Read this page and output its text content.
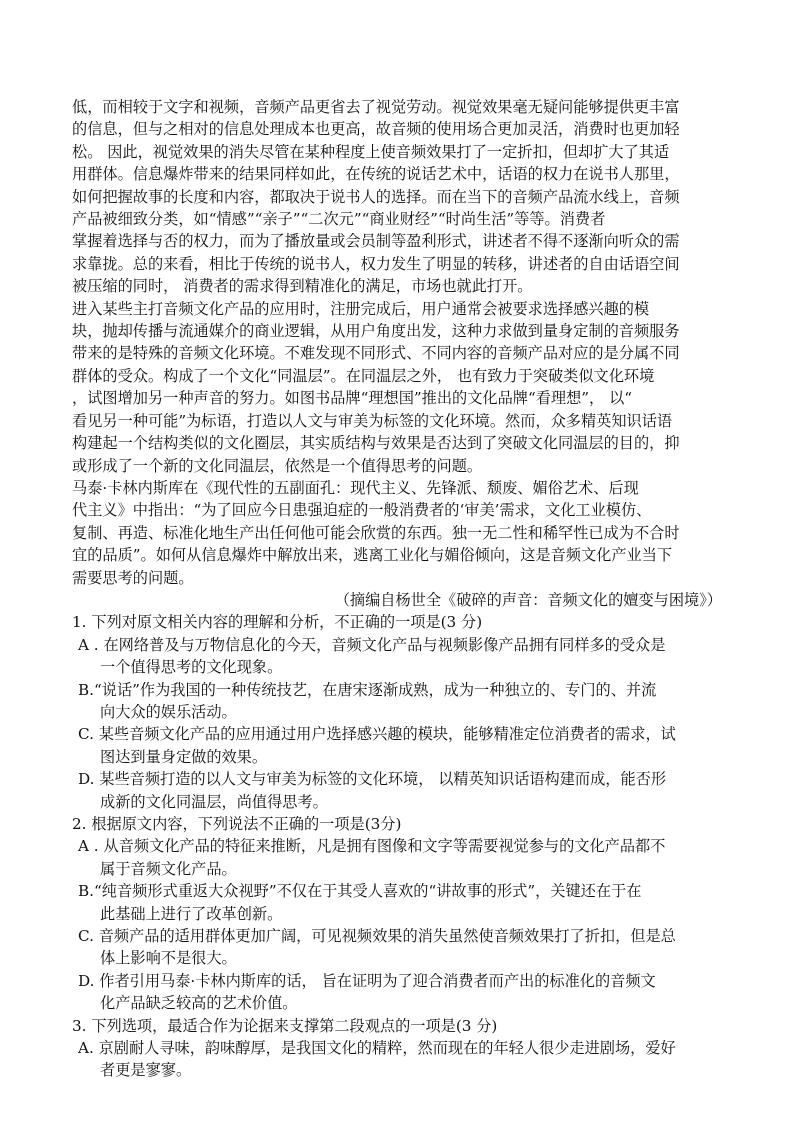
低，而相较于文字和视频，音频产品更省去了视觉劳动。视觉效果毫无疑问能够提供更丰富
的信息，但与之相对的信息处理成本也更高，故音频的使用场合更加灵活，消费时也更加轻
松。 因此，视觉效果的消失尽管在某种程度上使音频效果打了一定折扣，但却扩大了其适
用群体。信息爆炸带来的结果同样如此，在传统的说话艺术中，话语的权力在说书人那里，
如何把握故事的长度和内容，都取决于说书人的选择。而在当下的音频产品流水线上，音频
产品被细致分类，如“情感”“亲子”“二次元”“商业财经”“时尚生活”等等。消费者
掌握着选择与否的权力，而为了播放量或会员制等盈利形式，讲述者不得不逐渐向听众的需
求靠拢。总的来看，相比于传统的说书人，权力发生了明显的转移，讲述者的自由话语空间
被压缩的同时， 消费者的需求得到精准化的满足，市场也就此打开。
进入某些主打音频文化产品的应用时，注册完成后，用户通常会被要求选择感兴趣的模
块，抛却传播与流通媒介的商业逻辑，从用户角度出发，这种力求做到量身定制的音频服务
带来的是特殊的音频文化环境。不难发现不同形式、不同内容的音频产品对应的是分属不同
群体的受众。构成了一个文化“同温层”。在同温层之外， 也有致力于突破类似文化环境
，试图增加另一种声音的努力。如图书品牌“理想国”推出的文化品牌“看理想”， 以“
看见另一种可能”为标语，打造以人文与审美为标签的文化环境。然而，众多精英知识话语
构建起一个结构类似的文化圈层，其实质结构与效果是否达到了突破文化同温层的目的，抑
或形成了一个新的文化同温层，依然是一个值得思考的问题。
马泰·卡林内斯库在《现代性的五副面孔：现代主义、先锋派、颓废、媚俗艺术、后现
代主义》中指出：“为了回应今日患强迫症的一般消费者的‘审美’需求，文化工业模仿、
复制、再造、标准化地生产出任何他可能会欣赏的东西。独一无二性和稀罕性已成为不合时
宜的品质”。如何从信息爆炸中解放出来，逃离工业化与媚俗倾向，这是音频文化产业当下
需要思考的问题。
（摘编自杨世全《破碎的声音：音频文化的嬗变与困境》）
1. 下列对原文相关内容的理解和分析，不正确的一项是(3 分)
A . 在网络普及与万物信息化的今天，音频文化产品与视频影像产品拥有同样多的受众是
一个值得思考的文化现象。
B.“说话”作为我国的一种传统技艺，在唐宋逐渐成熟，成为一种独立的、专门的、并流
向大众的娱乐活动。
C. 某些音频文化产品的应用通过用户选择感兴趣的模块，能够精准定位消费者的需求，试
图达到量身定做的效果。
D. 某些音频打造的以人文与审美为标签的文化环境， 以精英知识话语构建而成，能否形
成新的文化同温层，尚值得思考。
2. 根据原文内容，下列说法不正确的一项是(3分)
A . 从音频文化产品的特征来推断，凡是拥有图像和文字等需要视觉参与的文化产品都不
属于音频文化产品。
B.“纯音频形式重返大众视野”不仅在于其受人喜欢的“讲故事的形式”，关键还在于在
此基础上进行了改革创新。
C. 音频产品的适用群体更加广阔，可见视频效果的消失虽然使音频效果打了折扣，但是总
体上影响不是很大。
D. 作者引用马泰·卡林内斯库的话， 旨在证明为了迎合消费者而产出的标准化的音频文
化产品缺乏较高的艺术价值。
3. 下列选项，最适合作为论据来支撑第二段观点的一项是(3 分)
A. 京剧耐人寻味，韵味醇厚，是我国文化的精粹，然而现在的年轻人很少走进剧场，爱好
者更是寥寥。
